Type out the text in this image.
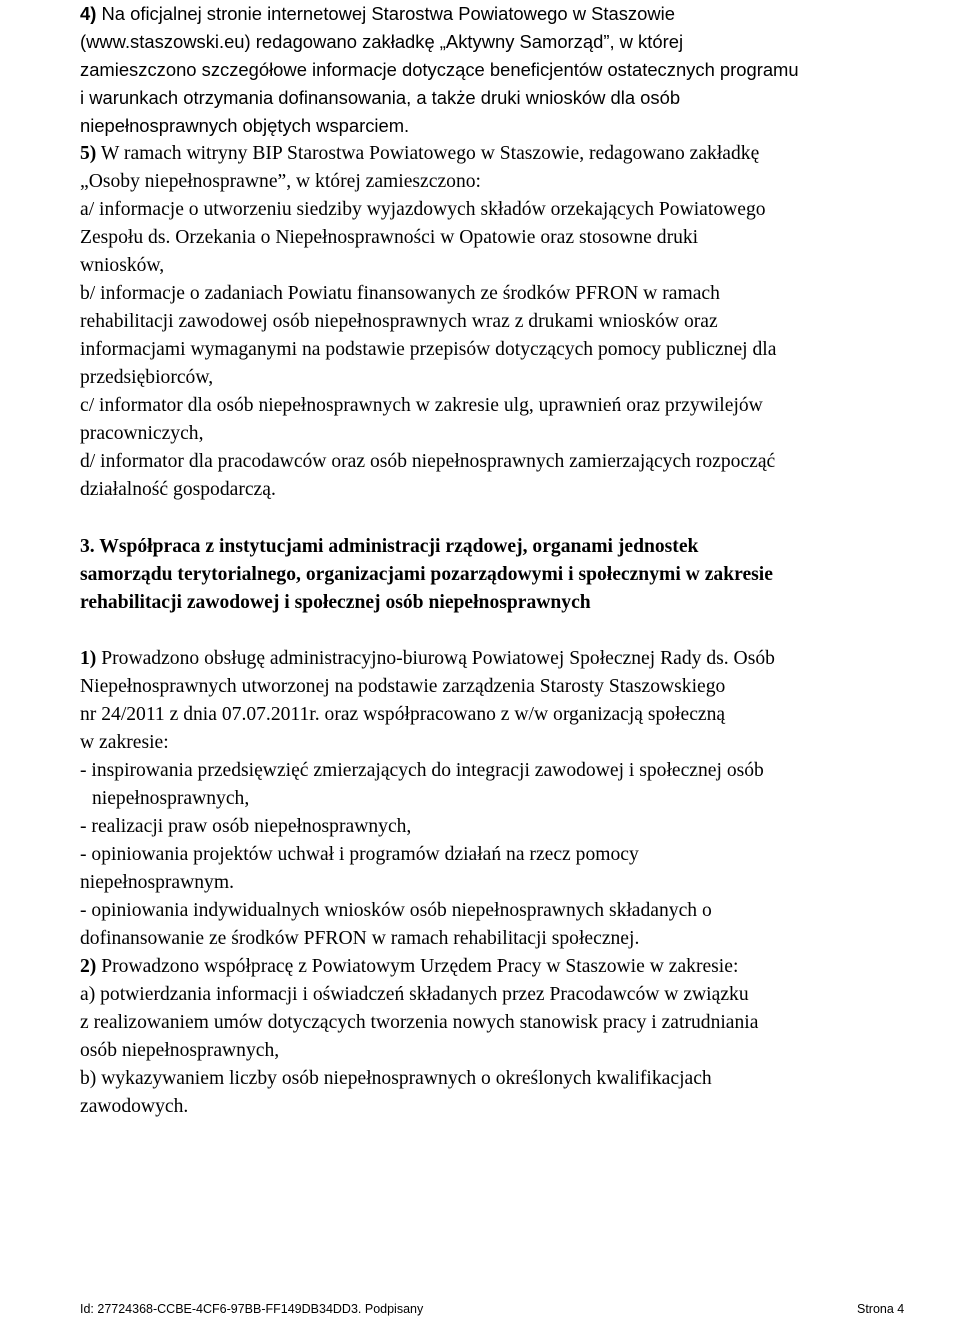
4) Na oficjalnej stronie internetowej Starostwa Powiatowego w Staszowie

(www.staszowski.eu) redagowano zakładkę „Aktywny Samorząd”, w której

zamieszczono szczegółowe informacje dotyczące beneficjentów ostatecznych programu

i warunkach otrzymania dofinansowania, a także druki wniosków dla osób

niepełnosprawnych objętych wsparciem.

5) W ramach witryny BIP Starostwa Powiatowego w Staszowie, redagowano zakładkę

„Osoby niepełnosprawne”, w której zamieszczono:

a/ informacje o utworzeniu siedziby wyjazdowych składów orzekających Powiatowego

Zespołu ds. Orzekania o Niepełnosprawności w Opatowie oraz stosowne druki

wniosków,

b/ informacje o zadaniach Powiatu finansowanych ze środków PFRON w ramach

rehabilitacji zawodowej osób niepełnosprawnych wraz z drukami wniosków oraz

informacjami wymaganymi na podstawie przepisów dotyczących pomocy publicznej dla

przedsiębiorców,

c/ informator dla osób niepełnosprawnych w zakresie ulg, uprawnień oraz przywilejów

pracowniczych,

d/ informator dla pracodawców oraz osób niepełnosprawnych zamierzających rozpocząć

działalność gospodarczą.

3. Współpraca z instytucjami administracji rządowej, organami jednostek

samorządu terytorialnego, organizacjami pozarządowymi i społecznymi w zakresie

rehabilitacji zawodowej i społecznej osób niepełnosprawnych

1) Prowadzono obsługę administracyjno-biurową Powiatowej Społecznej Rady ds. Osób

Niepełnosprawnych utworzonej na podstawie zarządzenia Starosty Staszowskiego

nr 24/2011 z dnia 07.07.2011r. oraz współpracowano z w/w organizacją społeczną

w zakresie:

- inspirowania przedsięwzięć zmierzających do integracji zawodowej i społecznej osób

niepełnosprawnych,

- realizacji praw osób niepełnosprawnych,

- opiniowania projektów uchwał i programów działań na rzecz pomocy

niepełnosprawnym.

- opiniowania indywidualnych wniosków osób niepełnosprawnych składanych o

dofinansowanie ze środków PFRON w ramach rehabilitacji społecznej.

2) Prowadzono współpracę z Powiatowym Urzędem Pracy w Staszowie w zakresie:

a) potwierdzania informacji i oświadczeń składanych przez Pracodawców w związku

z realizowaniem umów dotyczących tworzenia nowych stanowisk pracy i zatrudniania

osób niepełnosprawnych,

b) wykazywaniem liczby osób niepełnosprawnych o określonych kwalifikacjach

zawodowych.

Id: 27724368-CCBE-4CF6-97BB-FF149DB34DD3. Podpisany	Strona 4
